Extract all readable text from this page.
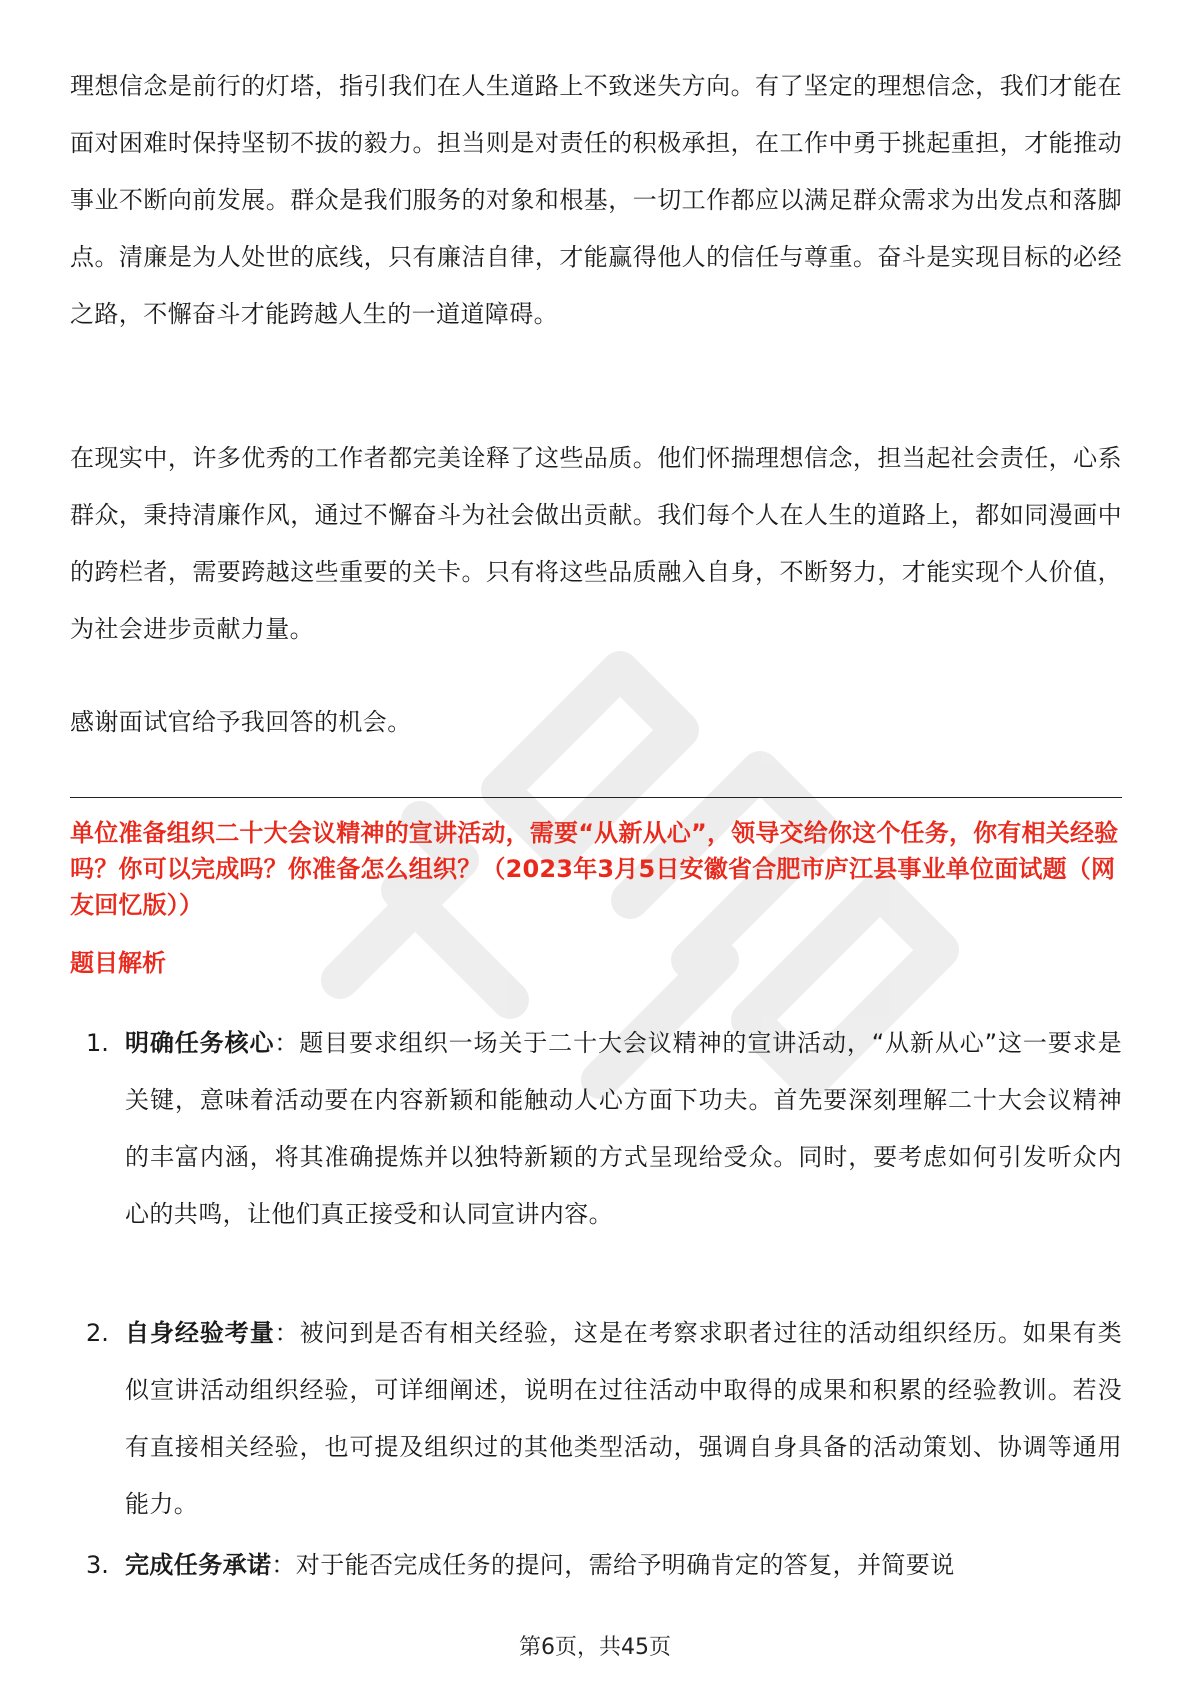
理想信念是前行的灯塔，指引我们在人生道路上不致迷失方向。有了坚定的理想信念，我们才能在面对困难时保持坚韧不拔的毅力。担当则是对责任的积极承担，在工作中勇于挑起重担，才能推动事业不断向前发展。群众是我们服务的对象和根基，一切工作都应以满足群众需求为出发点和落脚点。清廉是为人处世的底线，只有廉洁自律，才能赢得他人的信任与尊重。奋斗是实现目标的必经之路，不懈奋斗才能跨越人生的一道道障碍。

在现实中，许多优秀的工作者都完美诠释了这些品质。他们怀揣理想信念，担当起社会责任，心系群众，秉持清廉作风，通过不懈奋斗为社会做出贡献。我们每个人在人生的道路上，都如同漫画中的跨栏者，需要跨越这些重要的关卡。只有将这些品质融入自身，不断努力，才能实现个人价值，为社会进步贡献力量。

感谢面试官给予我回答的机会。

单位准备组织二十大会议精神的宣讲活动，需要“从新从心”，领导交给你这个任务，你有相关经验吗？你可以完成吗？你准备怎么组织？（2023年3月5日安徽省合肥市庐江县事业单位面试题（网友回忆版））

题目解析

1. 明确任务核心：题目要求组织一场关于二十大会议精神的宣讲活动，“从新从心”这一要求是关键，意味着活动要在内容新颖和能触动人心方面下功夫。首先要深刻理解二十大会议精神的丰富内涵，将其准确提炼并以独特新颖的方式呈现给受众。同时，要考虑如何引发听众内心的共鸣，让他们真正接受和认同宣讲内容。

2. 自身经验考量：被问到是否有相关经验，这是在考察求职者过往的活动组织经历。如果有类似宣讲活动组织经验，可详细阐述，说明在过往活动中取得的成果和积累的经验教训。若没有直接相关经验，也可提及组织过的其他类型活动，强调自身具备的活动策划、协调等通用能力。

3. 完成任务承诺：对于能否完成任务的提问，需给予明确肯定的答复，并简要说

第6页，共45页
